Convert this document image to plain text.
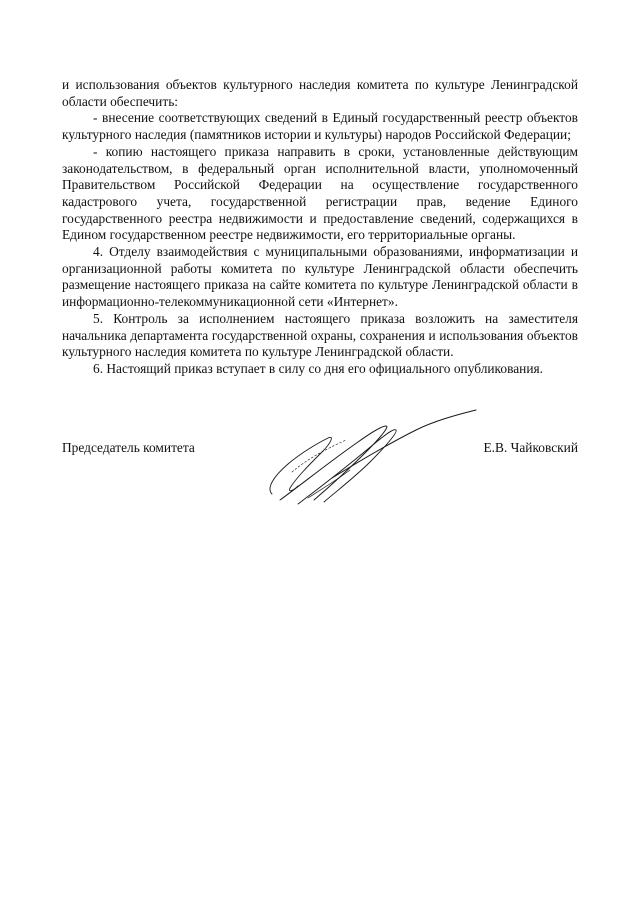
и использования объектов культурного наследия комитета по культуре Ленинградской области обеспечить:

- внесение соответствующих сведений в Единый государственный реестр объектов культурного наследия (памятников истории и культуры) народов Российской Федерации;

- копию настоящего приказа направить в сроки, установленные действующим законодательством, в федеральный орган исполнительной власти, уполномоченный Правительством Российской Федерации на осуществление государственного кадастрового учета, государственной регистрации прав, ведение Единого государственного реестра недвижимости и предоставление сведений, содержащихся в Едином государственном реестре недвижимости, его территориальные органы.

4. Отделу взаимодействия с муниципальными образованиями, информатизации и организационной работы комитета по культуре Ленинградской области обеспечить размещение настоящего приказа на сайте комитета по культуре Ленинградской области в информационно-телекоммуникационной сети «Интернет».

5. Контроль за исполнением настоящего приказа возложить на заместителя начальника департамента государственной охраны, сохранения и использования объектов культурного наследия комитета по культуре Ленинградской области.

6. Настоящий приказ вступает в силу со дня его официального опубликования.

Председатель комитета	Е.В. Чайковский
